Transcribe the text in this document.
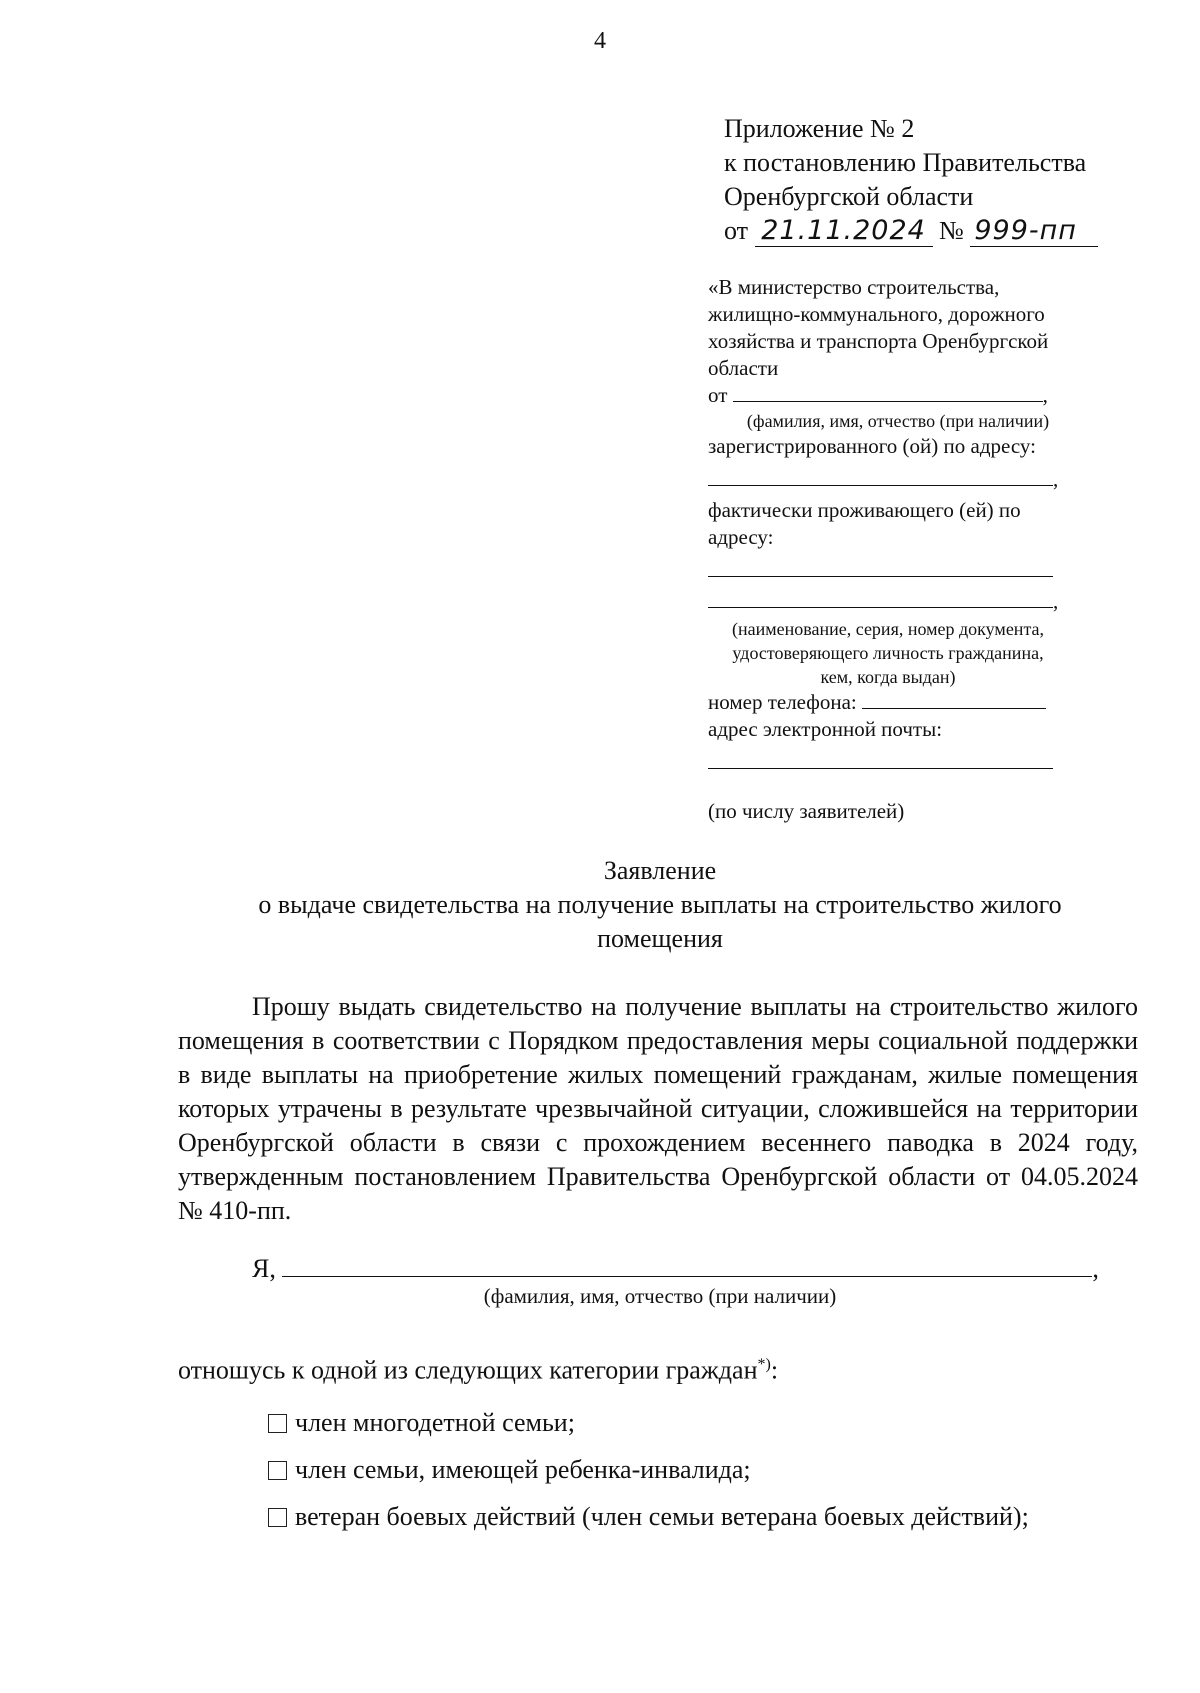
4
Приложение № 2
к постановлению Правительства
Оренбургской области
от 21.11.2024 № 999-пп
«В министерство строительства,
жилищно-коммунального, дорожного
хозяйства и транспорта Оренбургской
области
от	,
(фамилия, имя, отчество (при наличии)
зарегистрированного (ой) по адресу:
,
фактически проживающего (ей) по
адресу:
,
(наименование, серия, номер документа,
удостоверяющего личность гражданина,
кем, когда выдан)
номер телефона:
адрес электронной почты:
(по числу заявителей)
Заявление
о выдаче свидетельства на получение выплаты на строительство жилого
помещения
Прошу выдать свидетельство на получение выплаты на строительство жилого помещения в соответствии с Порядком предоставления меры социальной поддержки в виде выплаты на приобретение жилых помещений гражданам, жилые помещения которых утрачены в результате чрезвычайной ситуации, сложившейся на территории Оренбургской области в связи с прохождением весеннего паводка в 2024 году, утвержденным постановлением Правительства Оренбургской области от 04.05.2024 № 410-пп.
Я,	,
(фамилия, имя, отчество (при наличии)
отношусь к одной из следующих категории граждан*):
член многодетной семьи;
член семьи, имеющей ребенка-инвалида;
ветеран боевых действий (член семьи ветерана боевых действий);
